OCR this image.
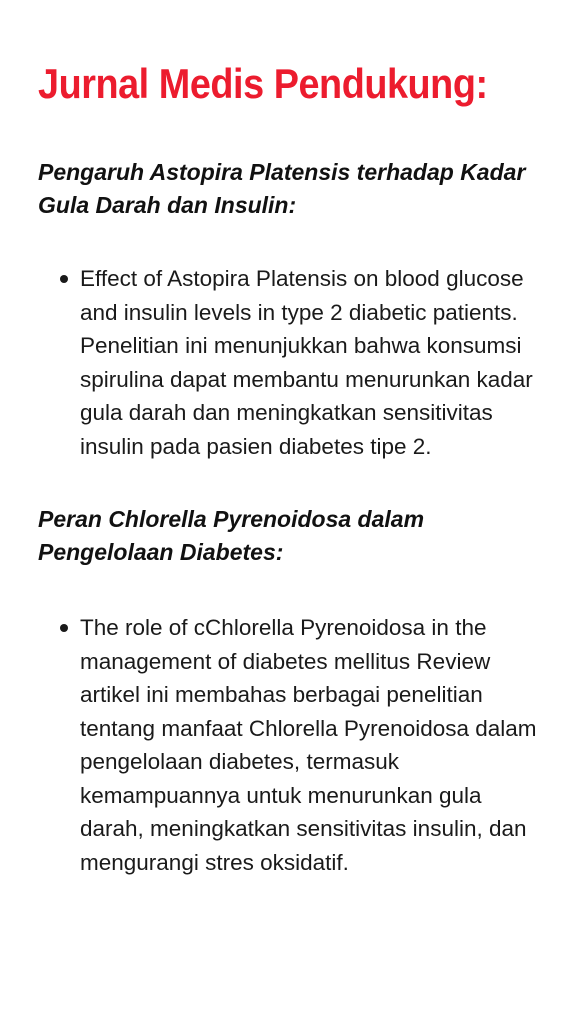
Jurnal Medis Pendukung:
Pengaruh Astopira Platensis terhadap Kadar Gula Darah dan Insulin:
Effect of Astopira Platensis on blood glucose and insulin levels in type 2 diabetic patients. Penelitian ini menunjukkan bahwa konsumsi spirulina dapat membantu menurunkan kadar gula darah dan meningkatkan sensitivitas insulin pada pasien diabetes tipe 2.
Peran Chlorella Pyrenoidosa dalam Pengelolaan Diabetes:
The role of cChlorella Pyrenoidosa in the management of diabetes mellitus Review artikel ini membahas berbagai penelitian tentang manfaat Chlorella Pyrenoidosa dalam pengelolaan diabetes, termasuk kemampuannya untuk menurunkan gula darah, meningkatkan sensitivitas insulin, dan mengurangi stres oksidatif.
